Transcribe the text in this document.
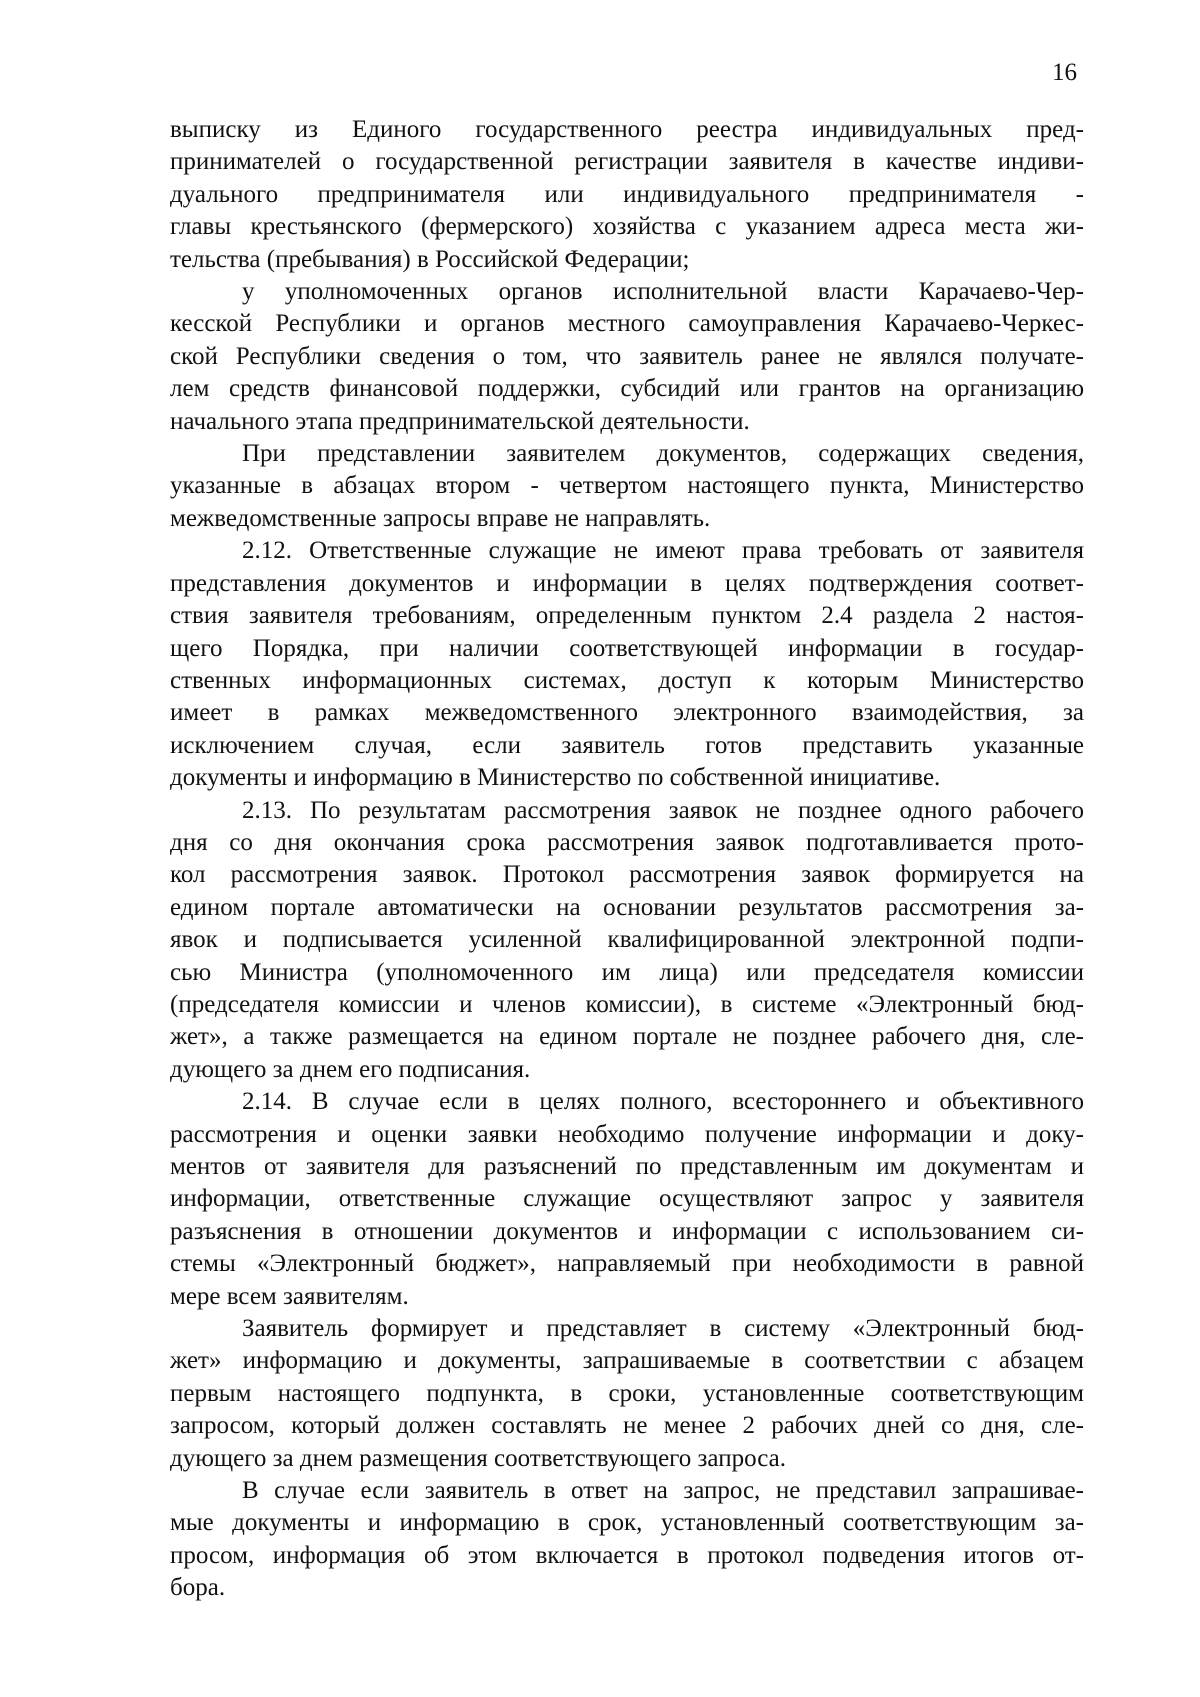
16

выписку из Единого государственного реестра индивидуальных пред-
принимателей о государственной регистрации заявителя в качестве индиви-
дуального предпринимателя или индивидуального предпринимателя -
главы крестьянского (фермерского) хозяйства с указанием адреса места жи-
тельства (пребывания) в Российской Федерации;

у уполномоченных органов исполнительной власти Карачаево-Чер-
кесской Республики и органов местного самоуправления Карачаево-Черкес-
ской Республики сведения о том, что заявитель ранее не являлся получате-
лем средств финансовой поддержки, субсидий или грантов на организацию
начального этапа предпринимательской деятельности.

При представлении заявителем документов, содержащих сведения,
указанные в абзацах втором - четвертом настоящего пункта, Министерство
межведомственные запросы вправе не направлять.

2.12. Ответственные служащие не имеют права требовать от заявителя
представления документов и информации в целях подтверждения соответ-
ствия заявителя требованиям, определенным пунктом 2.4 раздела 2 настоя-
щего Порядка, при наличии соответствующей информации в государ-
ственных информационных системах, доступ к которым Министерство
имеет в рамках межведомственного электронного взаимодействия, за
исключением случая, если заявитель готов представить указанные
документы и информацию в Министерство по собственной инициативе.

2.13. По результатам рассмотрения заявок не позднее одного рабочего
дня со дня окончания срока рассмотрения заявок подготавливается прото-
кол рассмотрения заявок. Протокол рассмотрения заявок формируется на
едином портале автоматически на основании результатов рассмотрения за-
явок и подписывается усиленной квалифицированной электронной подпи-
сью Министра (уполномоченного им лица) или председателя комиссии
(председателя комиссии и членов комиссии), в системе «Электронный бюд-
жет», а также размещается на едином портале не позднее рабочего дня, сле-
дующего за днем его подписания.

2.14. В случае если в целях полного, всестороннего и объективного
рассмотрения и оценки заявки необходимо получение информации и доку-
ментов от заявителя для разъяснений по представленным им документам и
информации, ответственные служащие осуществляют запрос у заявителя
разъяснения в отношении документов и информации с использованием си-
стемы «Электронный бюджет», направляемый при необходимости в равной
мере всем заявителям.

Заявитель формирует и представляет в систему «Электронный бюд-
жет» информацию и документы, запрашиваемые в соответствии с абзацем
первым настоящего подпункта, в сроки, установленные соответствующим
запросом, который должен составлять не менее 2 рабочих дней со дня, сле-
дующего за днем размещения соответствующего запроса.

В случае если заявитель в ответ на запрос, не представил запрашивае-
мые документы и информацию в срок, установленный соответствующим за-
просом, информация об этом включается в протокол подведения итогов от-
бора.
